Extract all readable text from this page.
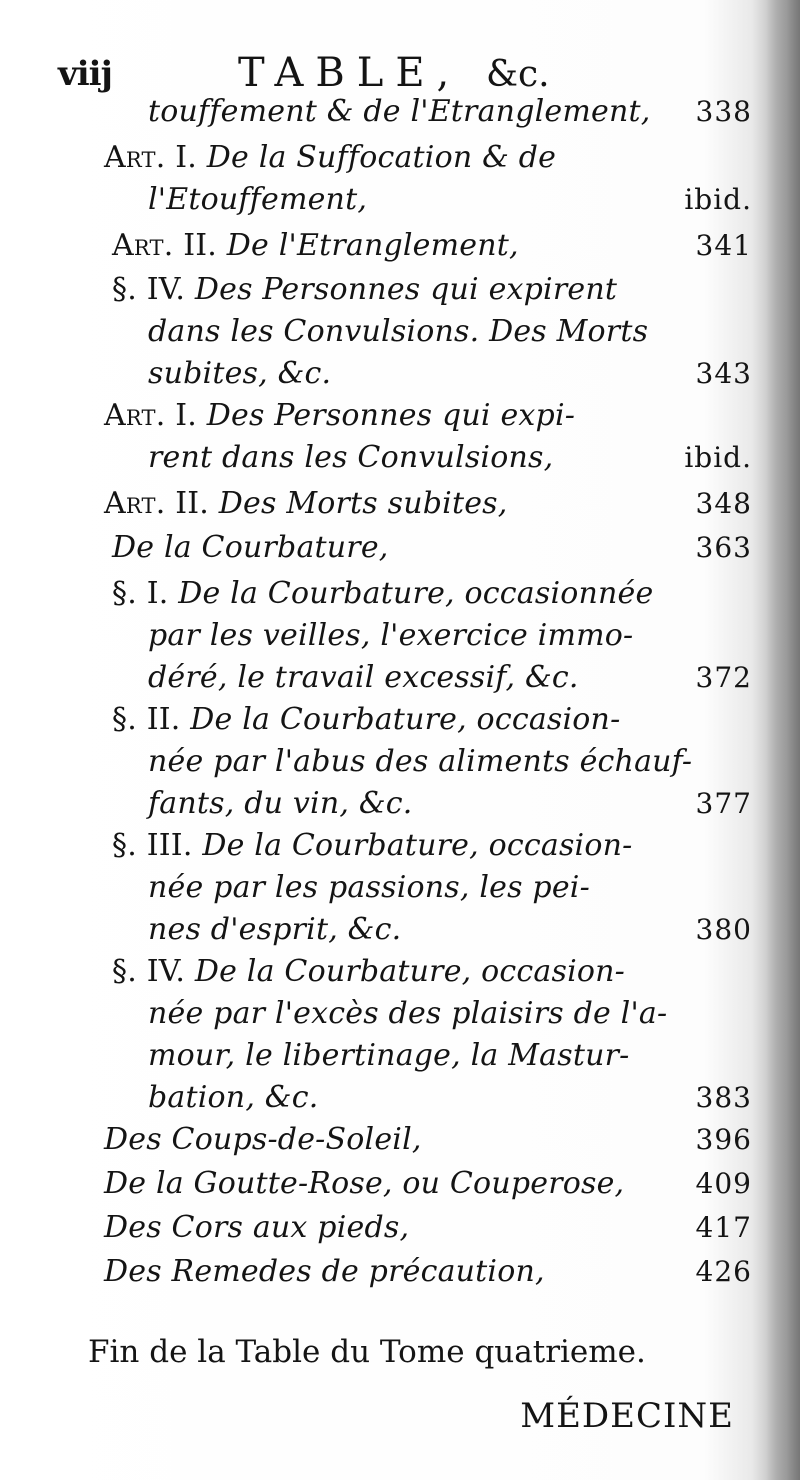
viij	TABLE, &c.
touffement & de l'Etranglement, 338
Art. I. De la Suffocation & de
l'Etouffement,	ibid.
Art. II. De l'Etranglement,	341
§. IV. Des Personnes qui expirent
dans les Convulsions. Des Morts
subites, &c.	343
Art. I. Des Personnes qui expi-
rent dans les Convulsions,	ibid.
Art. II. Des Morts subites,	348
De la Courbature,	363
§. I. De la Courbature, occasionnée
par les veilles, l'exercice immo-
déré, le travail excessif, &c.	372
§. II. De la Courbature, occasion-
née par l'abus des aliments échauf-
fants, du vin, &c.	377
§. III. De la Courbature, occasion-
née par les passions, les pei-
nes d'esprit, &c.	380
§. IV. De la Courbature, occasion-
née par l'excès des plaisirs de l'a-
mour, le libertinage, la Mastur-
bation, &c.	383
Des Coups-de-Soleil,	396
De la Goutte-Rose, ou Couperose,	409
Des Cors aux pieds,	417
Des Remedes de précaution,	426
Fin de la Table du Tome quatrieme.
MÉDECINE
